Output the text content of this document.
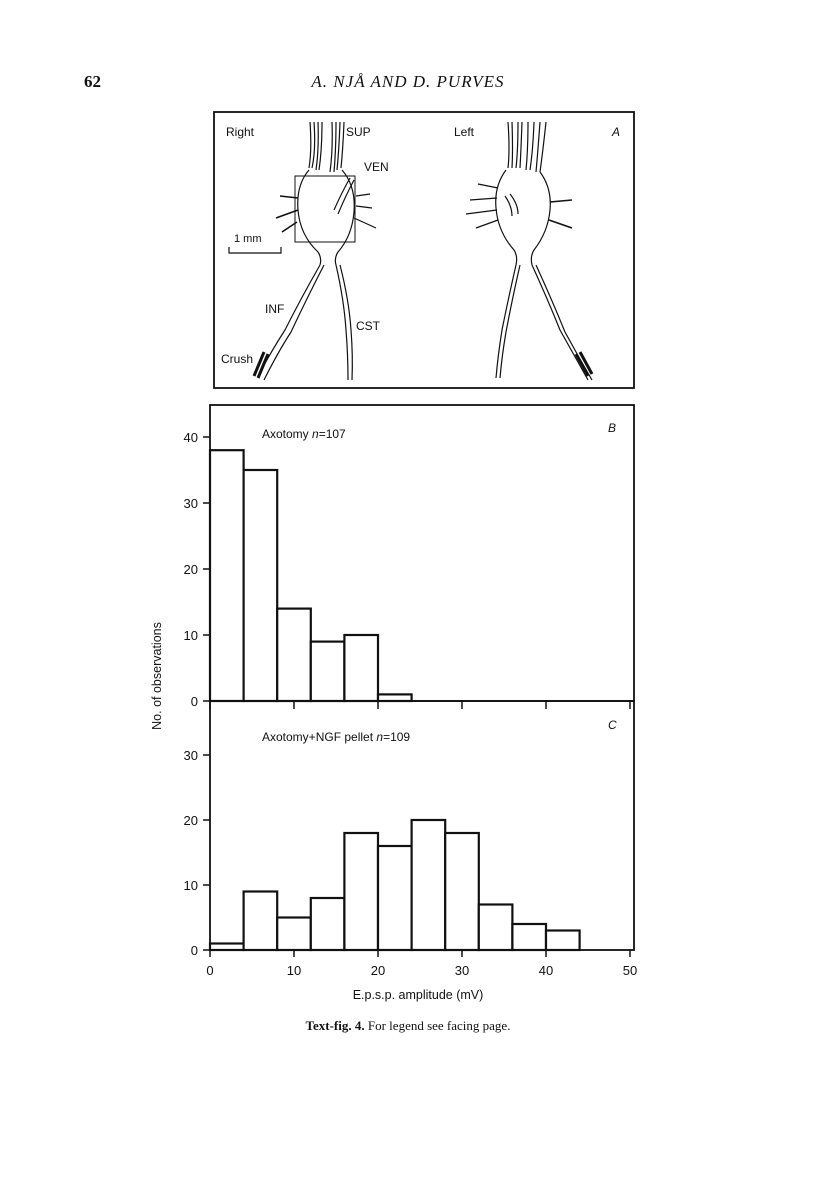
62	A. NJÅ AND D. PURVES
Right	Left	A
SUP
VEN
INF
CST
Crush
1 mm
B
C
Axotomy n=107
Axotomy+NGF pellet n=109
No. of observations
E.p.s.p. amplitude (mV)
40
30
20
10
0
30
20
10
0
0	10	20	30	40	50
Text-fig. 4. For legend see facing page.
